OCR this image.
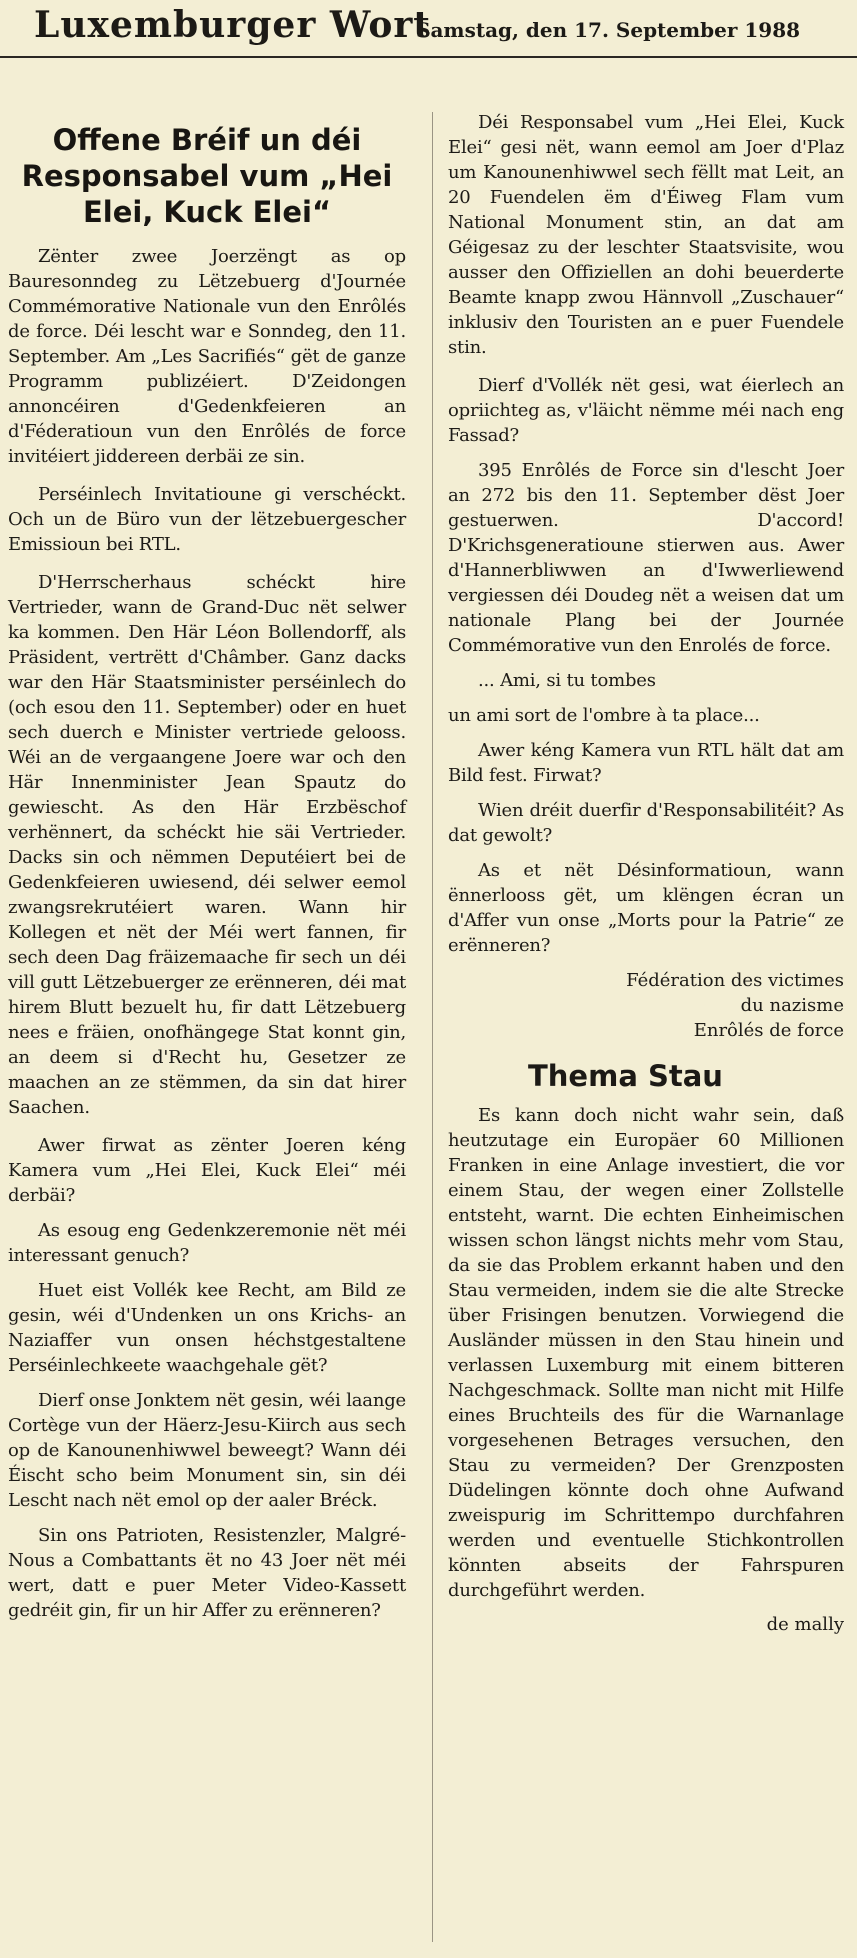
Luxemburger Wort
Samstag, den 17. September 1988
Offene Bréif un déi Responsabel vum „Hei Elei, Kuck Elei“

Zënter zwee Joerzëngt as op Bauresonndeg zu Lëtzebuerg d'Journée Commémorative Nationale vun den Enrôlés de force. Déi lescht war e Sonndeg, den 11. September. Am „Les Sacrifiés“ gët de ganze Programm publizéiert. D'Zeidongen annoncéiren d'Gedenkfeieren an d'Féderatioun vun den Enrôlés de force invitéiert jiddereen derbäi ze sin.

Perséinlech Invitatioune gi verschéckt. Och un de Büro vun der lëtzebuergescher Emissioun bei RTL.

D'Herrscherhaus schéckt hire Vertrieder, wann de Grand-Duc nët selwer ka kommen. Den Här Léon Bollendorff, als Präsident, vertrëtt d'Châmber. Ganz dacks war den Här Staatsminister perséinlech do (och esou den 11. September) oder en huet sech duerch e Minister vertriede gelooss. Wéi an de vergaangene Joere war och den Här Innenminister Jean Spautz do gewiescht. As den Här Erzbëschof verhënnert, da schéckt hie säi Vertrieder. Dacks sin och nëmmen Deputéiert bei de Gedenkfeieren uwiesend, déi selwer eemol zwangsrekrutéiert waren. Wann hir Kollegen et nët der Méi wert fannen, fir sech deen Dag fräizemaache fir sech un déi vill gutt Lëtzebuerger ze erënneren, déi mat hirem Blutt bezuelt hu, fir datt Lëtzebuerg nees e fräien, onofhängege Stat konnt gin, an deem si d'Recht hu, Gesetzer ze maachen an ze stëmmen, da sin dat hirer Saachen.

Awer firwat as zënter Joeren kéng Kamera vum „Hei Elei, Kuck Elei“ méi derbäi?

As esoug eng Gedenkzeremonie nët méi interessant genuch?

Huet eist Vollék kee Recht, am Bild ze gesin, wéi d'Undenken un ons Krichs- an Naziaffer vun onsen héchstgestaltene Perséinlechkeete waachgehale gët?

Dierf onse Jonktem nët gesin, wéi laange Cortège vun der Häerz-Jesu-Kiirch aus sech op de Kanounenhiwwel beweegt? Wann déi Éischt scho beim Monument sin, sin déi Lescht nach nët emol op der aaler Bréck.

Sin ons Patrioten, Resistenzler, Malgré-Nous a Combattants ët no 43 Joer nët méi wert, datt e puer Meter Video-Kassett gedréit gin, fir un hir Affer zu erënneren?

Déi Responsabel vum „Hei Elei, Kuck Elei“ gesi nët, wann eemol am Joer d'Plaz um Kanounenhiwwel sech fëllt mat Leit, an 20 Fuendelen ëm d'Éiweg Flam vum National Monument stin, an dat am Géigesaz zu der leschter Staatsvisite, wou ausser den Offiziellen an dohi beuerderte Beamte knapp zwou Hännvoll „Zuschauer“ inklusiv den Touristen an e puer Fuendele stin.

Dierf d'Vollék nët gesi, wat éierlech an opriichteg as, v'läicht nëmme méi nach eng Fassad?

395 Enrôlés de Force sin d'lescht Joer an 272 bis den 11. September dëst Joer gestuerwen. D'accord! D'Krichsgeneratioune stierwen aus. Awer d'Hannerbliwwen an d'Iwwerliewend vergiessen déi Doudeg nët a weisen dat um nationale Plang bei der Journée Commémorative vun den Enrolés de force.

... Ami, si tu tombes

un ami sort de l'ombre à ta place...

Awer kéng Kamera vun RTL hält dat am Bild fest. Firwat?

Wien dréit duerfir d'Responsabilitéit? As dat gewolt?

As et nët Désinformatioun, wann ënnerlooss gët, um klëngen écran un d'Affer vun onse „Morts pour la Patrie“ ze erënneren?

Fédération des victimes
du nazisme
Enrôlés de force
Thema Stau

Es kann doch nicht wahr sein, daß heutzutage ein Europäer 60 Millionen Franken in eine Anlage investiert, die vor einem Stau, der wegen einer Zollstelle entsteht, warnt. Die echten Einheimischen wissen schon längst nichts mehr vom Stau, da sie das Problem erkannt haben und den Stau vermeiden, indem sie die alte Strecke über Frisingen benutzen. Vorwiegend die Ausländer müssen in den Stau hinein und verlassen Luxemburg mit einem bitteren Nachgeschmack. Sollte man nicht mit Hilfe eines Bruchteils des für die Warnanlage vorgesehenen Betrages versuchen, den Stau zu vermeiden? Der Grenzposten Düdelingen könnte doch ohne Aufwand zweispurig im Schrittempo durchfahren werden und eventuelle Stichkontrollen könnten abseits der Fahrspuren durchgeführt werden.

de mally
